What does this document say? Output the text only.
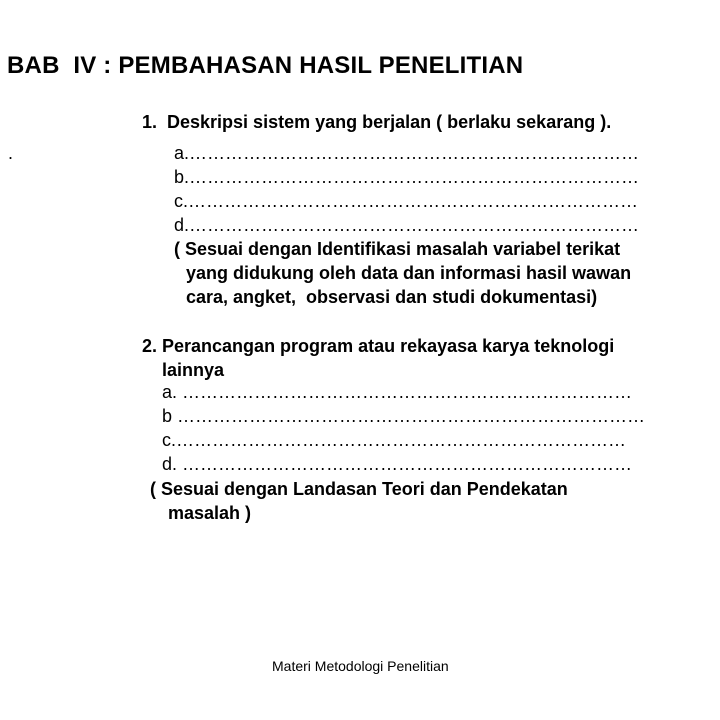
BAB  IV : PEMBAHASAN HASIL PENELITIAN
1.  Deskripsi sistem yang berjalan ( berlaku sekarang ).
.	a.…………………………………………………………………
b.…………………………………………………………………
c.…………………………………………………………………
d.…………………………………………………………………
( Sesuai dengan Identifikasi masalah variabel terikat
yang didukung oleh data dan informasi hasil wawan
cara, angket,  observasi dan studi dokumentasi)
2. Perancangan program atau rekayasa karya teknologi
lainnya
a. …………………………………………………………………
b ……………………………………………………………………
c.…………………………………………………………………
d. …………………………………………………………………
( Sesuai dengan Landasan Teori dan Pendekatan
masalah )
Materi Metodologi Penelitian
